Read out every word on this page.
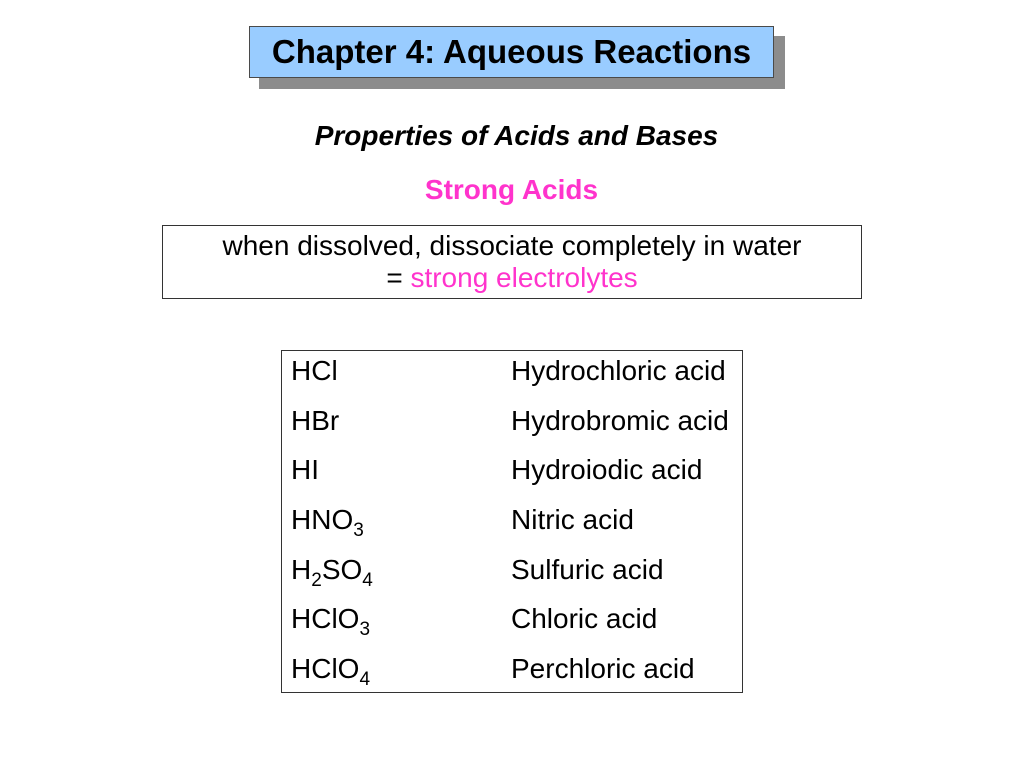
Chapter 4: Aqueous Reactions
Properties of Acids and Bases
Strong Acids
when dissolved, dissociate completely in water
= strong electrolytes
HCl	Hydrochloric acid
HBr	Hydrobromic acid
HI	Hydroiodic acid
$HNO_3$	Nitric acid
$H_2SO_4$	Sulfuric acid
HClO$_3$	Chloric acid
HClO$_4$	Perchloric acid
